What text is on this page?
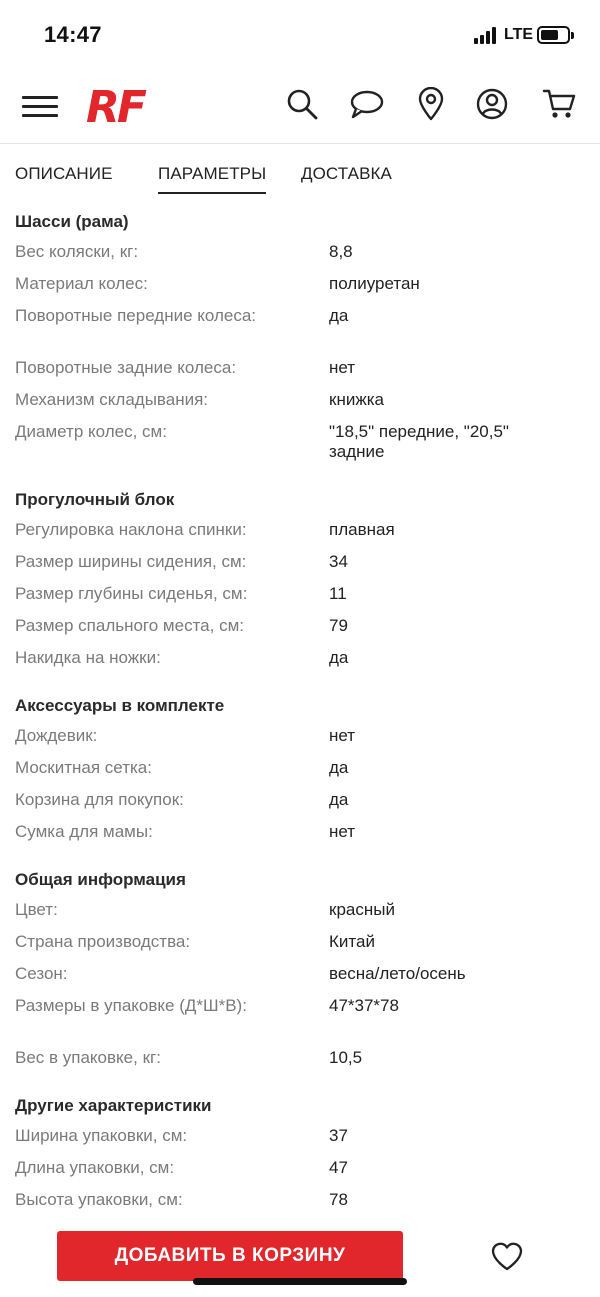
14:47	LTE
RF
ОПИСАНИЕ	ПАРАМЕТРЫ ДОСТАВКА
Шасси (рама)
Вес коляски, кг:	8,8
Материал колес:	полиуретан
Поворотные передние колеса:	да
Поворотные задние колеса:	нет
Механизм складывания:	книжка
Диаметр колес, см:	"18,5" передние, "20,5" задние
Прогулочный блок
Регулировка наклона спинки:	плавная
Размер ширины сидения, см:	34
Размер глубины сиденья, см:	11
Размер спального места, см:	79
Накидка на ножки:	да
Аксессуары в комплекте
Дождевик:	нет
Москитная сетка:	да
Корзина для покупок:	да
Сумка для мамы:	нет
Общая информация
Цвет:	красный
Страна производства:	Китай
Сезон:	весна/лето/осень
Размеры в упаковке (Д*Ш*В):	47*37*78
Вес в упаковке, кг:	10,5
Другие характеристики
Ширина упаковки, см:	37
Длина упаковки, см:	47
Высота упаковки, см:	78
ДОБАВИТЬ В КОРЗИНУ
